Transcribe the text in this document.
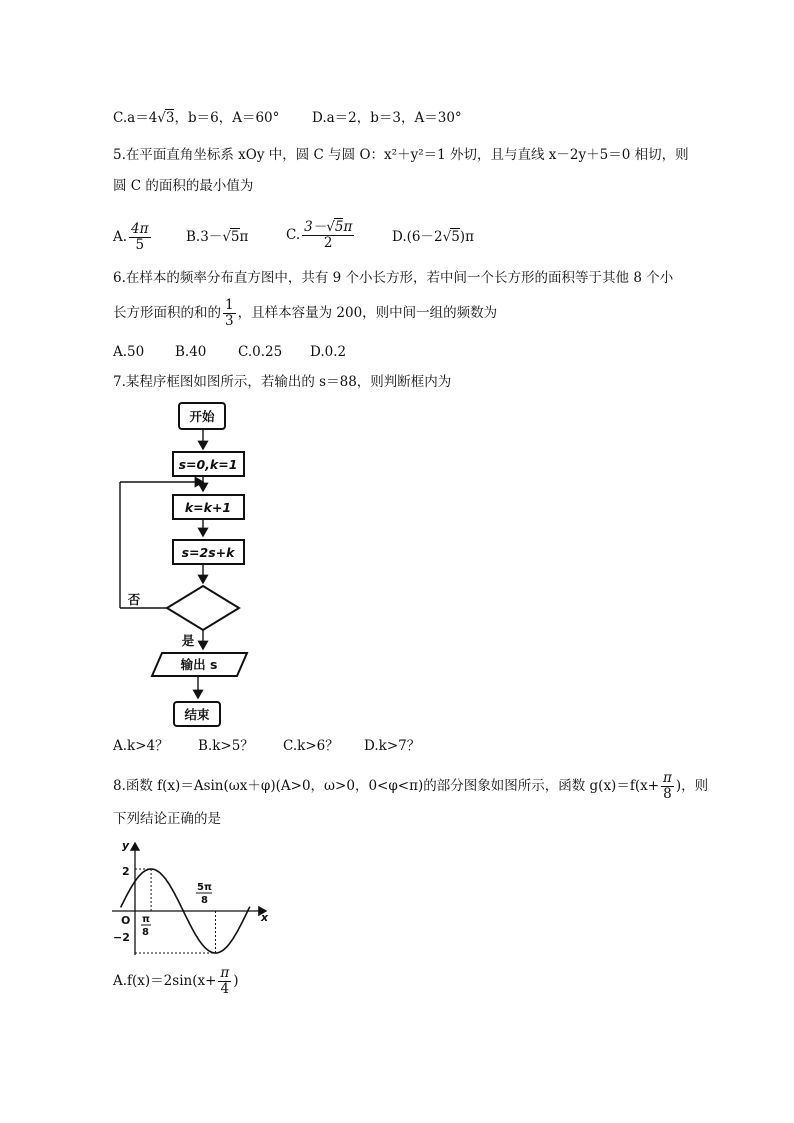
C.a＝4√3，b＝6，A＝60° D.a＝2，b＝3，A＝30°
5.在平面直角坐标系 xOy 中，圆 C 与圆 O：x²＋y²＝1 外切，且与直线 x－2y＋5＝0 相切，则
圆 C 的面积的最小值为
A. $\frac{4\pi}{5}$	B.3－√5π	C. $\frac{3-√5\pi}{2}$	D.(6－2√5)π
6.在样本的频率分布直方图中，共有 9 个小长方形，若中间一个长方形的面积等于其他 8 个小
长方形面积的和的 $\frac{1}{3}$ ，且样本容量为 200，则中间一组的频数为
A.50 B.40 C.0.25 D.0.2
7.某程序框图如图所示，若输出的 s＝88，则判断框内为
开始
s=0,k=1
k=k+1
s=2s+k
否
是
输出 s
结束
A.k>4？ B.k>5？ C.k>6？ D.k>7？
8.函数 f(x)＝Asin(ωx＋φ)(A>0，ω>0，0<φ<π)的部分图象如图所示，函数 $g(x)=f(x+ \frac{\pi}{8}$ )，则
下列结论正确的是
y
x
O
2
−2
π
8
5π
8
$A.f(x)=2\sin(x+ \frac{\pi}{4}$ )
